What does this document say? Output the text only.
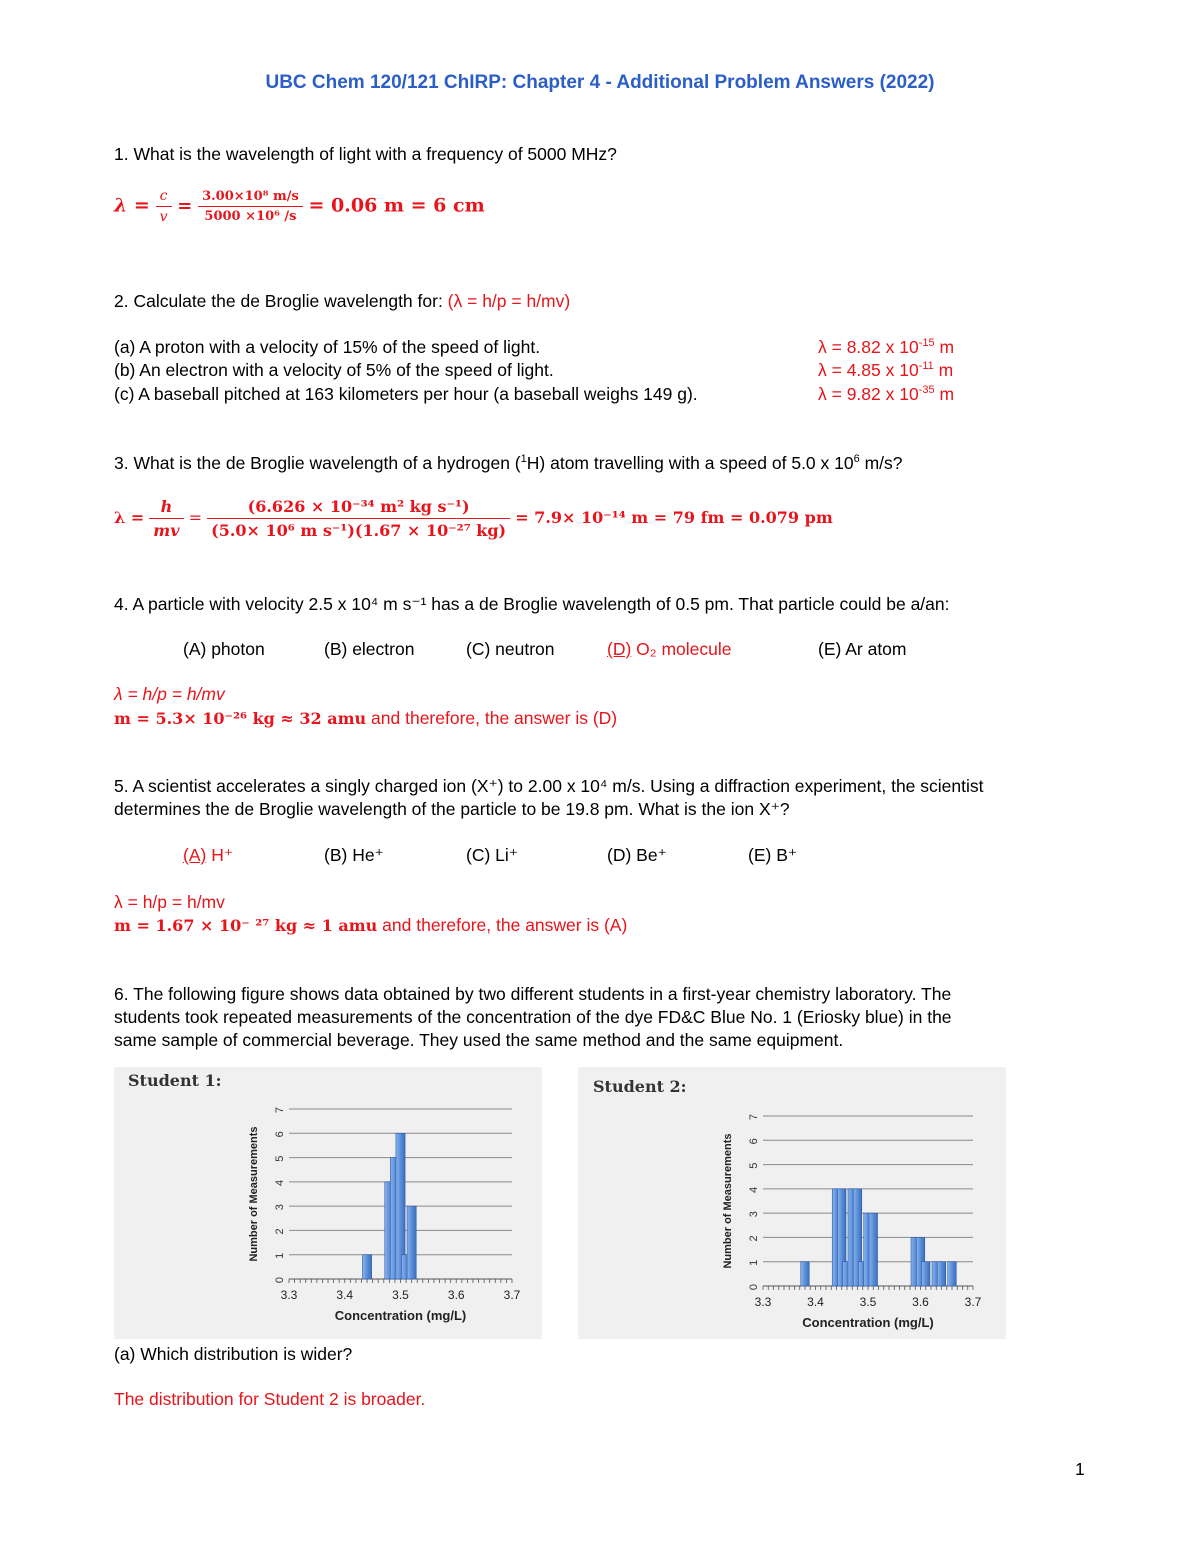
UBC Chem 120/121 ChIRP: Chapter 4 - Additional Problem Answers (2022)
1. What is the wavelength of light with a frequency of 5000 MHz?
$\lambda = \frac{c}{v} = \frac{\text{3.00×10⁸ m/s}}{\text{5000 ×10⁶ /s}} = 0.06$ m = 6 cm
2. Calculate the de Broglie wavelength for: (λ = h/p = h/mv)
(a) A proton with a velocity of 15% of the speed of light.	λ = 8.82 x $10^{-15}$ m
(b) An electron with a velocity of 5% of the speed of light.	λ = 4.85 x $10^{-11}$ m
(c) A baseball pitched at 163 kilometers per hour (a baseball weighs 149 g).	λ = 9.82 x $10^{-35}$ m
3. What is the de Broglie wavelength of a hydrogen ($^1$H) atom travelling with a speed of 5.0 x $10^6$ m/s?
$\lambda = \frac{h}{mv} = \frac{\text{(6.626 × 10⁻³⁴ m² kg s⁻¹)}}{\text{(5.0× 10⁶ m s⁻¹)(1.67 × 10⁻²⁷ kg)}} = 7.9\times 10^{-14}$ m = 79 fm = 0.079 pm
4. A particle with velocity 2.5 x 10⁴ m s⁻¹ has a de Broglie wavelength of 0.5 pm. That particle could be a/an:
(A) photon	(B) electron	(C) neutron	(D) O₂ molecule	(E) Ar atom
λ = h/p = h/mv
m = 5.3× 10⁻²⁶ kg ≈ 32 amu and therefore, the answer is (D)
5. A scientist accelerates a singly charged ion (X⁺) to 2.00 x 10⁴ m/s. Using a diffraction experiment, the scientist
determines the de Broglie wavelength of the particle to be 19.8 pm. What is the ion X⁺?
(A) H⁺	(B) He⁺	(C) Li⁺	(D) Be⁺	(E) B⁺
λ = h/p = h/mv
m = 1.67 × 10⁻ ²⁷ kg ≈ 1 amu and therefore, the answer is (A)
6. The following figure shows data obtained by two different students in a first-year chemistry laboratory. The
students took repeated measurements of the concentration of the dye FD&C Blue No. 1 (Eriosky blue) in the
same sample of commercial beverage. They used the same method and the same equipment.
Student 1:
0
1
2
3
4
5
6
7
3.3	3.4	3.5	3.6	3.7
Concentration (mg/L)
Number of Measurements
Student 2:
0
1
2
3
4
5
6
7
3.3	3.4	3.5	3.6	3.7
Concentration (mg/L)
Number of Measurements
(a) Which distribution is wider?
The distribution for Student 2 is broader.
1
